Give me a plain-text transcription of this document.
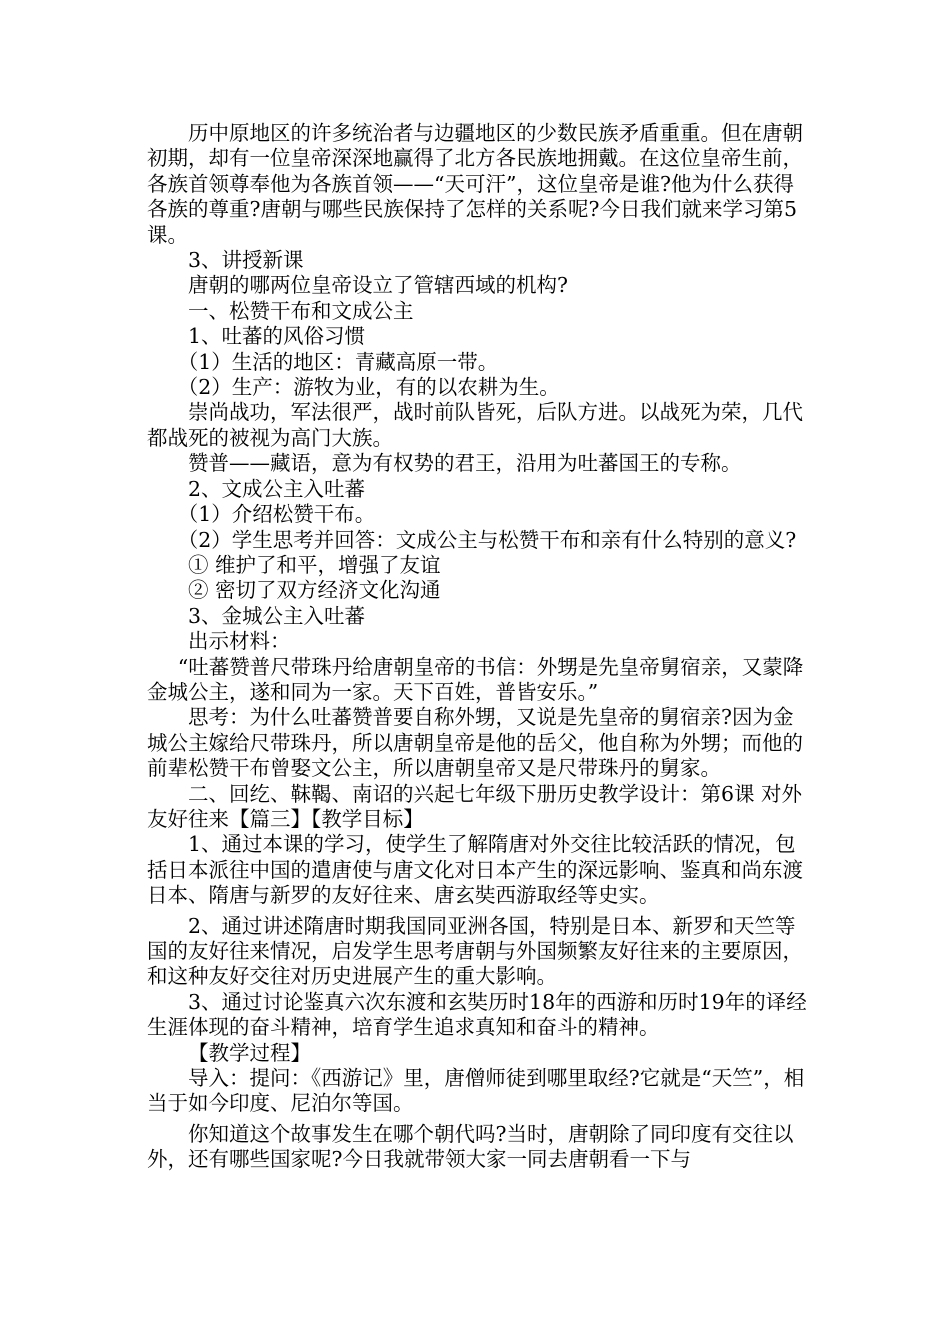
历中原地区的许多统治者与边疆地区的少数民族矛盾重重。但在唐朝初期，却有一位皇帝深深地赢得了北方各民族地拥戴。在这位皇帝生前，各族首领尊奉他为各族首领——“天可汗”，这位皇帝是谁?他为什么获得各族的尊重?唐朝与哪些民族保持了怎样的关系呢?今日我们就来学习第5课。

3、讲授新课

唐朝的哪两位皇帝设立了管辖西域的机构?

一、松赞干布和文成公主

1、吐蕃的风俗习惯

（1）生活的地区：青藏高原一带。

（2）生产：游牧为业，有的以农耕为生。

崇尚战功，军法很严，战时前队皆死，后队方进。以战死为荣，几代都战死的被视为高门大族。

赞普——藏语，意为有权势的君王，沿用为吐蕃国王的专称。

2、文成公主入吐蕃

（1）介绍松赞干布。

（2）学生思考并回答：文成公主与松赞干布和亲有什么特别的意义?

① 维护了和平，增强了友谊

② 密切了双方经济文化沟通

3、金城公主入吐蕃

出示材料：

“吐蕃赞普尺带珠丹给唐朝皇帝的书信：外甥是先皇帝舅宿亲，又蒙降金城公主，遂和同为一家。天下百姓，普皆安乐。”

思考：为什么吐蕃赞普要自称外甥，又说是先皇帝的舅宿亲?因为金城公主嫁给尺带珠丹，所以唐朝皇帝是他的岳父，他自称为外甥；而他的前辈松赞干布曾娶文公主，所以唐朝皇帝又是尺带珠丹的舅家。

二、回纥、靺鞨、南诏的兴起七年级下册历史教学设计：第6课 对外友好往来【篇三】【教学目标】

1、通过本课的学习，使学生了解隋唐对外交往比较活跃的情况，包括日本派往中国的遣唐使与唐文化对日本产生的深远影响、鉴真和尚东渡日本、隋唐与新罗的友好往来、唐玄奘西游取经等史实。

2、通过讲述隋唐时期我国同亚洲各国，特别是日本、新罗和天竺等国的友好往来情况，启发学生思考唐朝与外国频繁友好往来的主要原因，和这种友好交往对历史进展产生的重大影响。

3、通过讨论鉴真六次东渡和玄奘历时18年的西游和历时19年的译经生涯体现的奋斗精神，培育学生追求真知和奋斗的精神。

【教学过程】

导入：提问：《西游记》里，唐僧师徒到哪里取经?它就是“天竺”，相当于如今印度、尼泊尔等国。

你知道这个故事发生在哪个朝代吗?当时，唐朝除了同印度有交往以外，还有哪些国家呢?今日我就带领大家一同去唐朝看一下与
